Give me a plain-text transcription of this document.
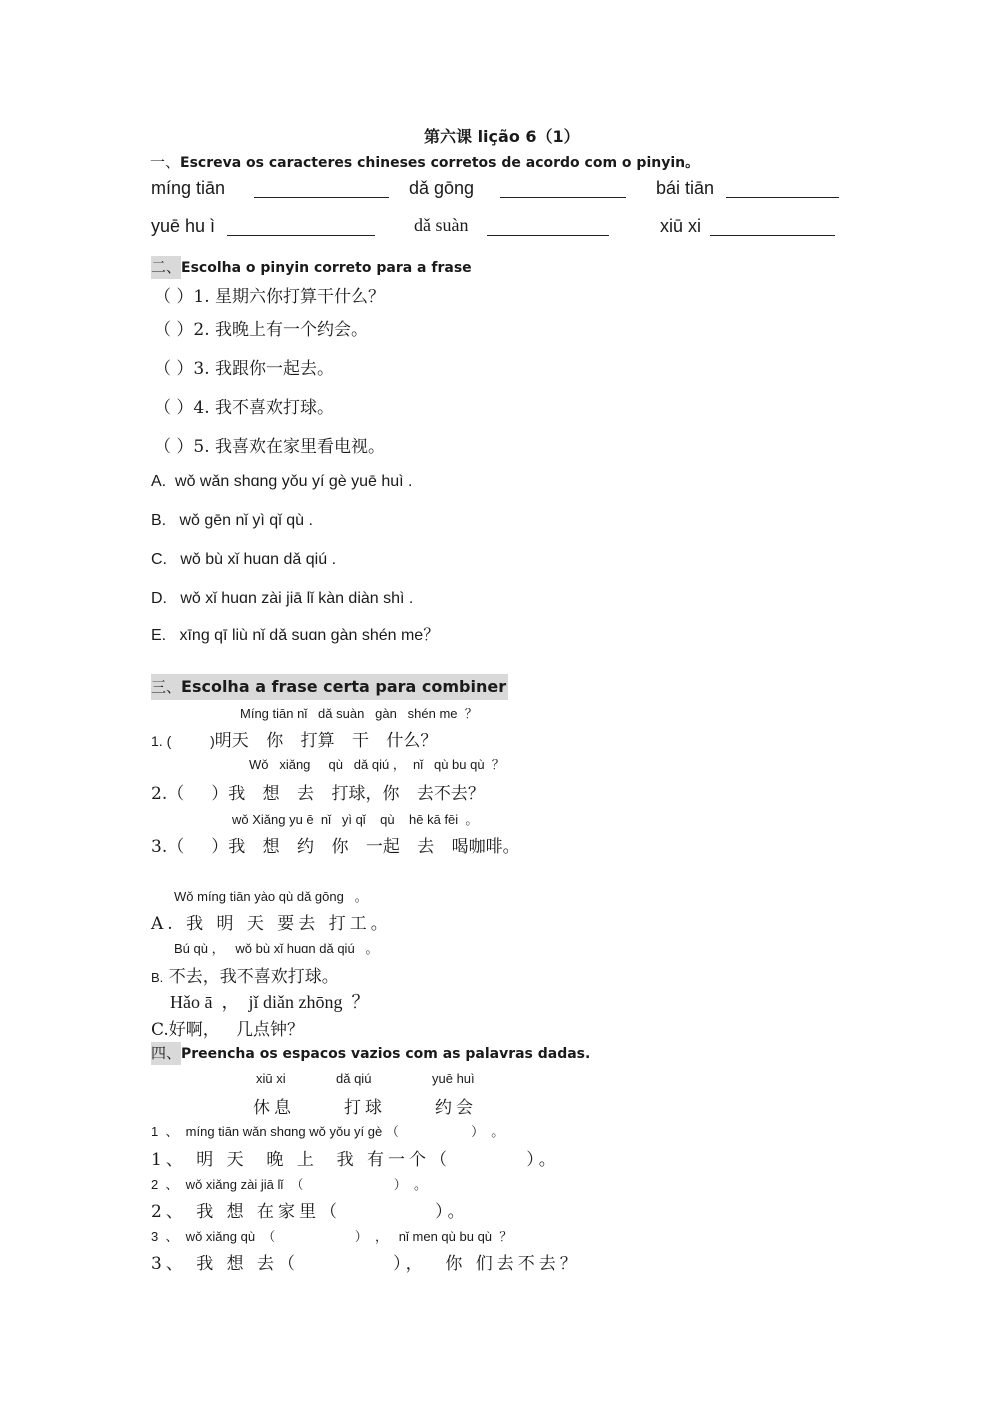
第六课 lição 6（1）
一、Escreva os caracteres chineses corretos de acordo com o pinyin。
míng tiān	dǎ gōng	bái tiān
yuē hu ì	dǎ suàn	xiū xi
二、Escolha o pinyin correto para a frase
（ ）1. 星期六你打算干什么？
（ ）2. 我晚上有一个约会。
（ ）3. 我跟你一起去。
（ ）4. 我不喜欢打球。
（ ）5. 我喜欢在家里看电视。
A. wǒ wǎn shɑng yǒu yí gè yuē huì .
B. wǒ gēn nǐ yì qǐ qù .
C. wǒ bù xǐ huɑn dǎ qiú .
D. wǒ xǐ huɑn zài jiā lǐ kàn diàn shì .
E. xīng qī liù nǐ dǎ suɑn gàn shén me？
三、Escolha a frase certa para combiner
Míng tiān nǐ   dǎ suàn   gàn   shén me  ？
1. (          )明天 你 打算 干 什么？
Wǒ   xiǎng     qù   dǎ qiú ，  nǐ   qù bu qù  ？
2.（     ）我 想 去 打球，你 去不去？
wǒ Xiǎng yu ē  nǐ   yì qǐ    qù    hē kā fēi  。
3.（     ）我 想 约 你 一起 去 喝咖啡。
Wǒ míng tiān yào qù dǎ gōng   。
A. 我 明 天 要去 打工。
Bú qù ，   wǒ bù xǐ huɑn dǎ qiú   。
B. 不去，我不喜欢打球。
Hǎo ā  ，  jǐ diǎn zhōng  ？
C.好啊，   几点钟？
四、Preencha os espacos vazios com as palavras dadas.
xiū xi	dǎ qiú	yuē huì
休息	打球	约会
1  、  míng tiān wǎn shɑng wǒ yǒu yí gè （                    ）  。
1、 明 天  晚 上  我 有一个（        ）。
2  、  wǒ xiǎng zài jiā lǐ  （                         ）  。
2、 我 想 在家里（          ）。
3  、  wǒ xiǎng qù  （                      ）  ，   nǐ men qù bu qù  ？
3、 我 想 去（          ），  你 们去不去？
